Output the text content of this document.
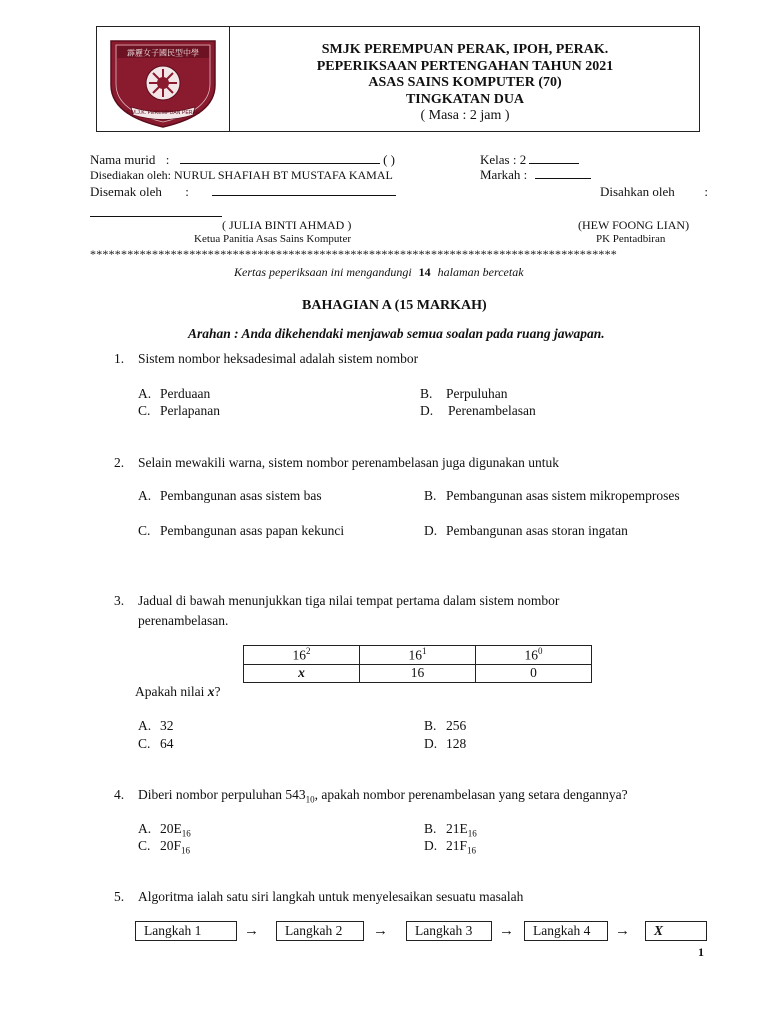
霹靂女子國民型中學
S.M.J.K. PEREMPUAN PERAK
SMJK PEREMPUAN PERAK, IPOH, PERAK.
PEPERIKSAAN PERTENGAHAN TAHUN 2021
ASAS SAINS KOMPUTER (70)
TINGKATAN DUA
( Masa : 2 jam )
Nama murid :	( )	Kelas : 2
Disediakan oleh: NURUL SHAFIAH BT MUSTAFA KAMAL	Markah :
Disemak oleh :	Disahkan oleh :
( JULIA BINTI AHMAD )
Ketua Panitia Asas Sains Komputer
(HEW FOONG LIAN)
PK Pentadbiran
*************************************************************************************
Kertas peperiksaan ini mengandungi 14 halaman bercetak
BAHAGIAN A (15 MARKAH)
Arahan : Anda dikehendaki menjawab semua soalan pada ruang jawapan.
1. Sistem nombor heksadesimal adalah sistem nombor
A. Perduaan	B. Perpuluhan
C. Perlapanan	D. Perenambelasan
2. Selain mewakili warna, sistem nombor perenambelasan juga digunakan untuk
A. Pembangunan asas sistem bas	B. Pembangunan asas sistem mikropemproses
C. Pembangunan asas papan kekunci	D. Pembangunan asas storan ingatan
3. Jadual di bawah menunjukkan tiga nilai tempat pertama dalam sistem nombor
perenambelasan.
$16^2$	$16^1$	$16^0$
x	16	0
Apakah nilai x?
A. 32	B. 256
C. 64	D. 128
4. Diberi nombor perpuluhan $543_{10}$, apakah nombor perenambelasan yang setara dengannya?
A. $20E_{16}$	B. $21E_{16}$
C. $20F_{16}$	D. $21F_{16}$
5. Algoritma ialah satu siri langkah untuk menyelesaikan sesuatu masalah
Langkah 1	→	Langkah 2	→	Langkah 3	→	Langkah 4	→	X
1
